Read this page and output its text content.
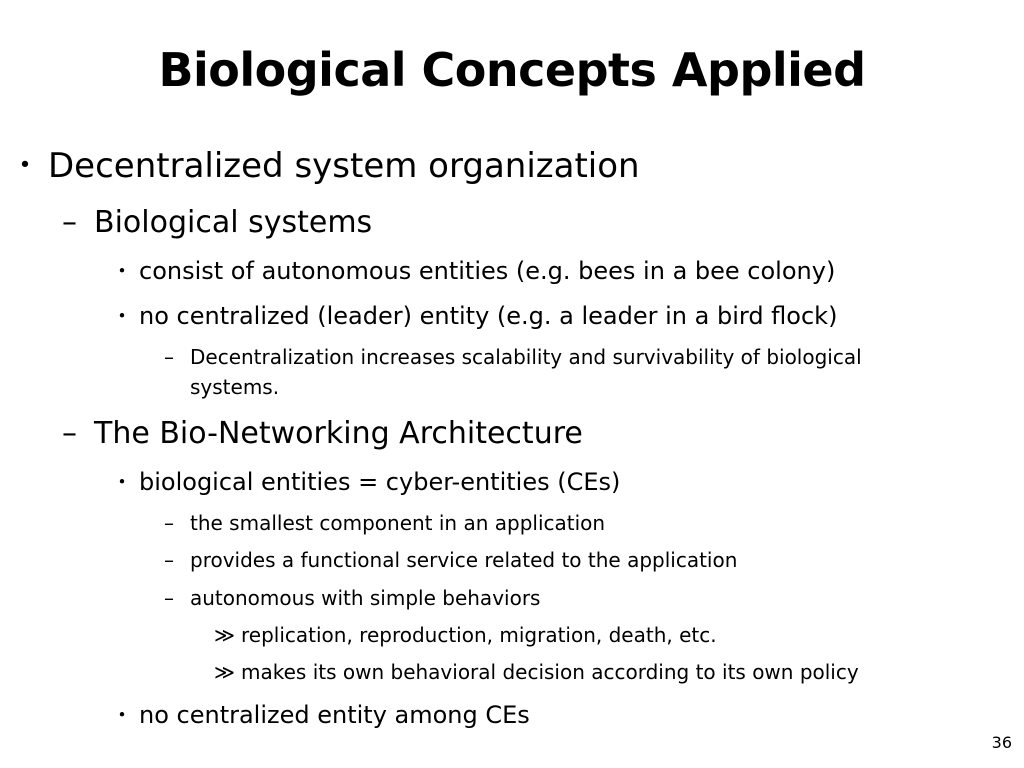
Biological Concepts Applied
・ Decentralized system organization
– Biological systems
・ consist of autonomous entities (e.g. bees in a bee colony)
・ no centralized (leader) entity (e.g. a leader in a bird flock)
– Decentralization increases scalability and survivability of biological
systems.
– The Bio-Networking Architecture
・ biological entities = cyber-entities (CEs)
– the smallest component in an application
– provides a functional service related to the application
– autonomous with simple behaviors
≫ replication, reproduction, migration, death, etc.
≫ makes its own behavioral decision according to its own policy
・ no centralized entity among CEs
36
